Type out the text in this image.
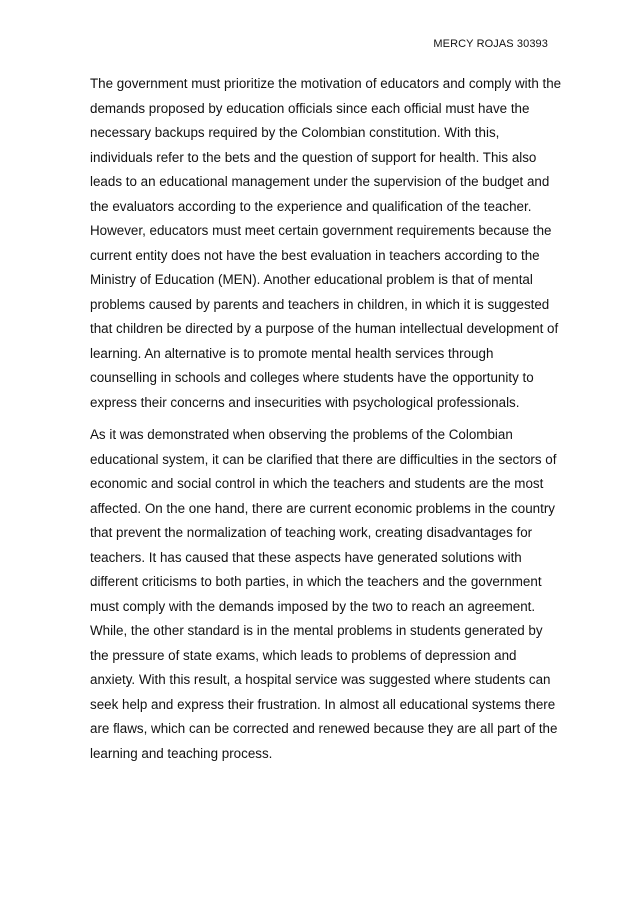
MERCY ROJAS 30393
The government must prioritize the motivation of educators and comply with the
demands proposed by education officials since each official must have the
necessary backups required by the Colombian constitution. With this,
individuals refer to the bets and the question of support for health. This also
leads to an educational management under the supervision of the budget and
the evaluators according to the experience and qualification of the teacher.
However, educators must meet certain government requirements because the
current entity does not have the best evaluation in teachers according to the
Ministry of Education (MEN). Another educational problem is that of mental
problems caused by parents and teachers in children, in which it is suggested
that children be directed by a purpose of the human intellectual development of
learning. An alternative is to promote mental health services through
counselling in schools and colleges where students have the opportunity to
express their concerns and insecurities with psychological professionals.
As it was demonstrated when observing the problems of the Colombian
educational system, it can be clarified that there are difficulties in the sectors of
economic and social control in which the teachers and students are the most
affected. On the one hand, there are current economic problems in the country
that prevent the normalization of teaching work, creating disadvantages for
teachers. It has caused that these aspects have generated solutions with
different criticisms to both parties, in which the teachers and the government
must comply with the demands imposed by the two to reach an agreement.
While, the other standard is in the mental problems in students generated by
the pressure of state exams, which leads to problems of depression and
anxiety. With this result, a hospital service was suggested where students can
seek help and express their frustration. In almost all educational systems there
are flaws, which can be corrected and renewed because they are all part of the
learning and teaching process.
